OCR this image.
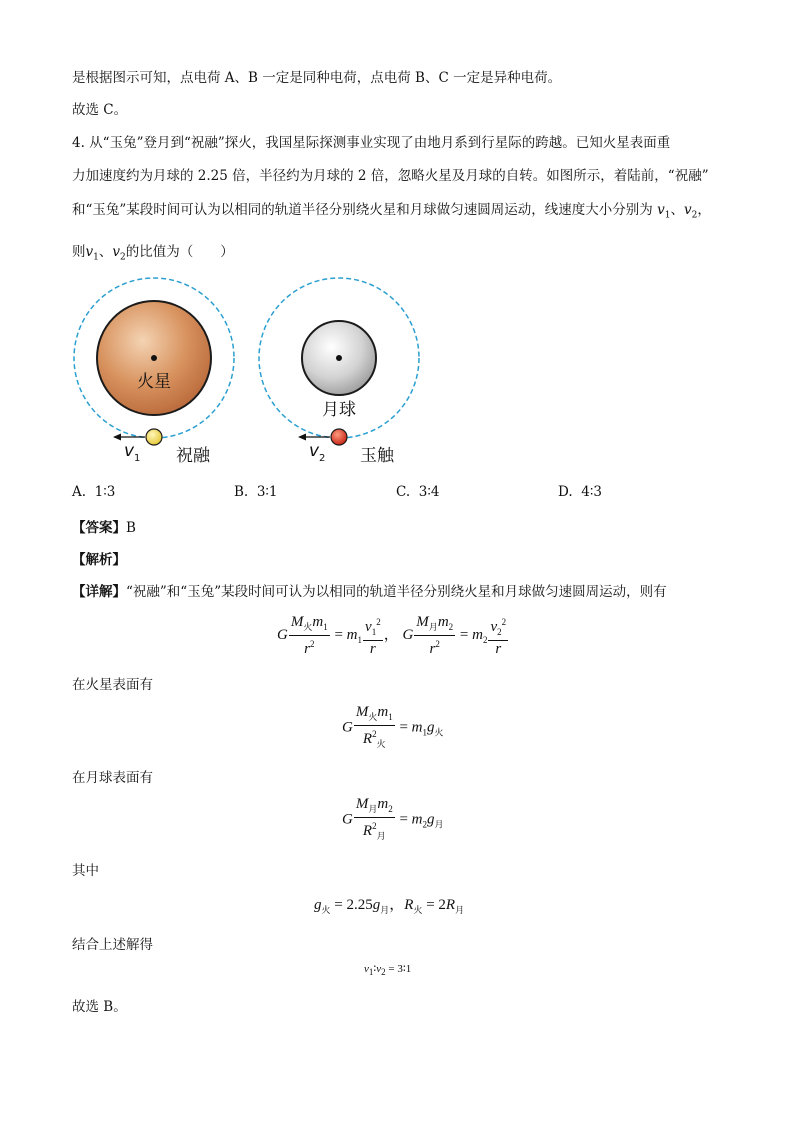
是根据图示可知，点电荷 A、B 一定是同种电荷，点电荷 B、C 一定是异种电荷。
故选 C。
4. 从“玉兔”登月到“祝融”探火，我国星际探测事业实现了由地月系到行星际的跨越。已知火星表面重
力加速度约为月球的 2.25 倍，半径约为月球的 2 倍，忽略火星及月球的自转。如图所示，着陆前，“祝融”
和“玉兔”某段时间可认为以相同的轨道半径分别绕火星和月球做匀速圆周运动，线速度大小分别为 $v_1$、$v_2$，
则$v_1$、$v_2$的比值为（　　）
火星
v 1 祝融
月球
v 2 玉触
A. 1∶3	B. 3∶1	C. 3∶4	D. 4∶3
【答案】B
【解析】
【详解】“祝融”和“玉兔”某段时间可认为以相同的轨道半径分别绕火星和月球做匀速圆周运动，则有
G $\frac{M_火m_1}{r^2} = m_1 \frac{v_1^2}{r}$ ， G $\frac{M_月m_2}{r^2} = m_2 \frac{v_2^2}{r}$
在火星表面有
G $\frac{M_火m_1}{R^2_火} = m_1g_火$
在月球表面有
G $\frac{M_月m_2}{R^2_月} = m_2g_月$
其中
$g_火 = 2.25g_月$，$R_火 = 2R_月$
结合上述解得
$v_1∶v_2$ = 3∶1
故选 B。
